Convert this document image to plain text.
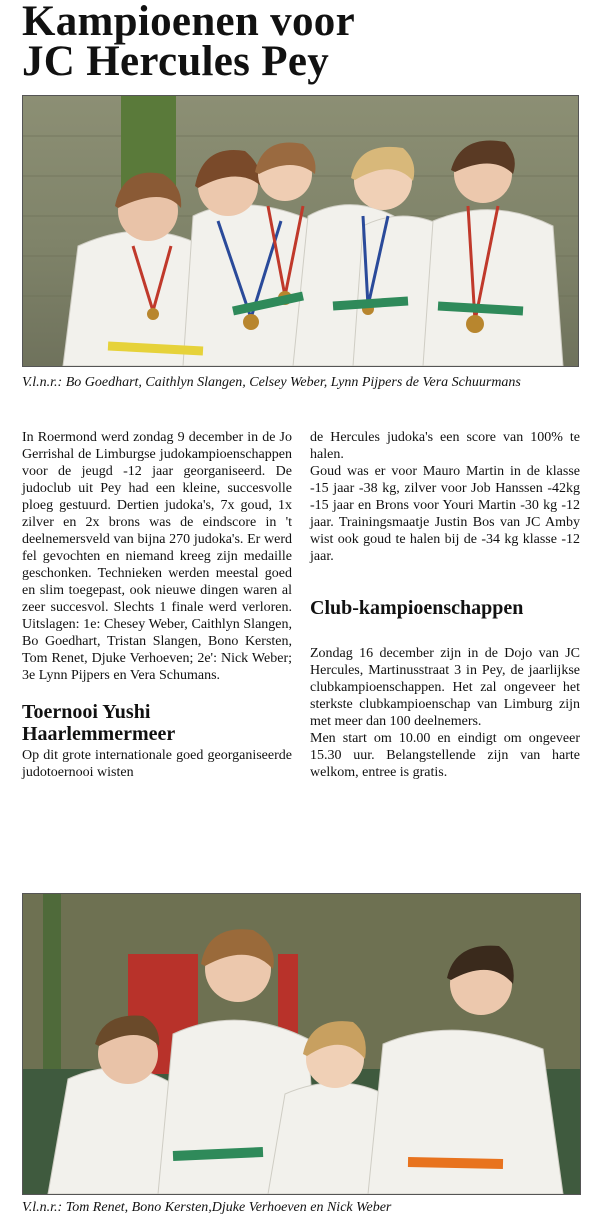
Kampioenen voor
JC Hercules Pey
V.l.n.r.: Bo Goedhart, Caithlyn Slangen, Celsey Weber, Lynn Pijpers de Vera Schuurmans

In Roermond werd zondag 9 december in de Jo Gerrishal de Limburgse judokampioenschappen voor de jeugd -12 jaar georganiseerd. De judoclub uit Pey had een kleine, succesvolle ploeg gestuurd. Dertien judoka's, 7x goud, 1x zilver en 2x brons was de eindscore in 't deelnemersveld van bijna 270 judoka's. Er werd fel gevochten en niemand kreeg zijn medaille geschonken. Technieken werden meestal goed en slim toegepast, ook nieuwe dingen waren al zeer succesvol. Slechts 1 finale werd verloren. Uitslagen: 1e: Chesey Weber, Caithlyn Slangen, Bo Goedhart, Tristan Slangen, Bono Kersten, Tom Renet, Djuke Verhoeven; 2e': Nick Weber; 3e Lynn Pijpers en Vera Schumans.

Toernooi Yushi Haarlemmermeer

Op dit grote internationale goed georganiseerde judotoernooi wisten

de Hercules judoka's een score van 100% te halen.

Goud was er voor Mauro Martin in de klasse -15 jaar -38 kg, zilver voor Job Hanssen -42kg -15 jaar en Brons voor Youri Martin -30 kg -12 jaar. Trainingsmaatje Justin Bos van JC Amby wist ook goud te halen bij de -34 kg klasse -12 jaar.

Club-kampioenschappen

Zondag 16 december zijn in de Dojo van JC Hercules, Martinusstraat 3 in Pey, de jaarlijkse clubkampioenschappen. Het zal ongeveer het sterkste clubkampioenschap van Limburg zijn met meer dan 100 deelnemers.

Men start om 10.00 en eindigt om ongeveer 15.30 uur. Belangstellende zijn van harte welkom, entree is gratis.

V.l.n.r.: Tom Renet, Bono Kersten,Djuke Verhoeven en Nick Weber
